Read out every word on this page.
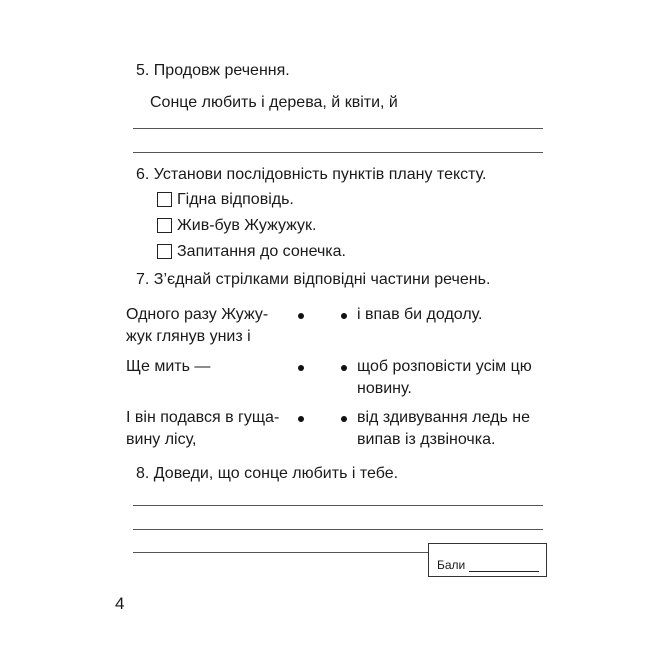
5. Продовж речення.
Сонце любить і дерева, й квіти, й
6. Установи послідовність пунктів плану тексту.
Гідна відповідь.
Жив-був Жужужук.
Запитання до сонечка.
7. З’єднай стрілками відповідні частини речень.
Одного разу Жужу-
жук глянув униз і
Ще мить —
І він подався в гуща-
вину лісу,
і впав би додолу.
щоб розповісти усім цю
новину.
від здивування ледь не
випав із дзвіночка.
8. Доведи, що сонце любить і тебе.
Бали
4
